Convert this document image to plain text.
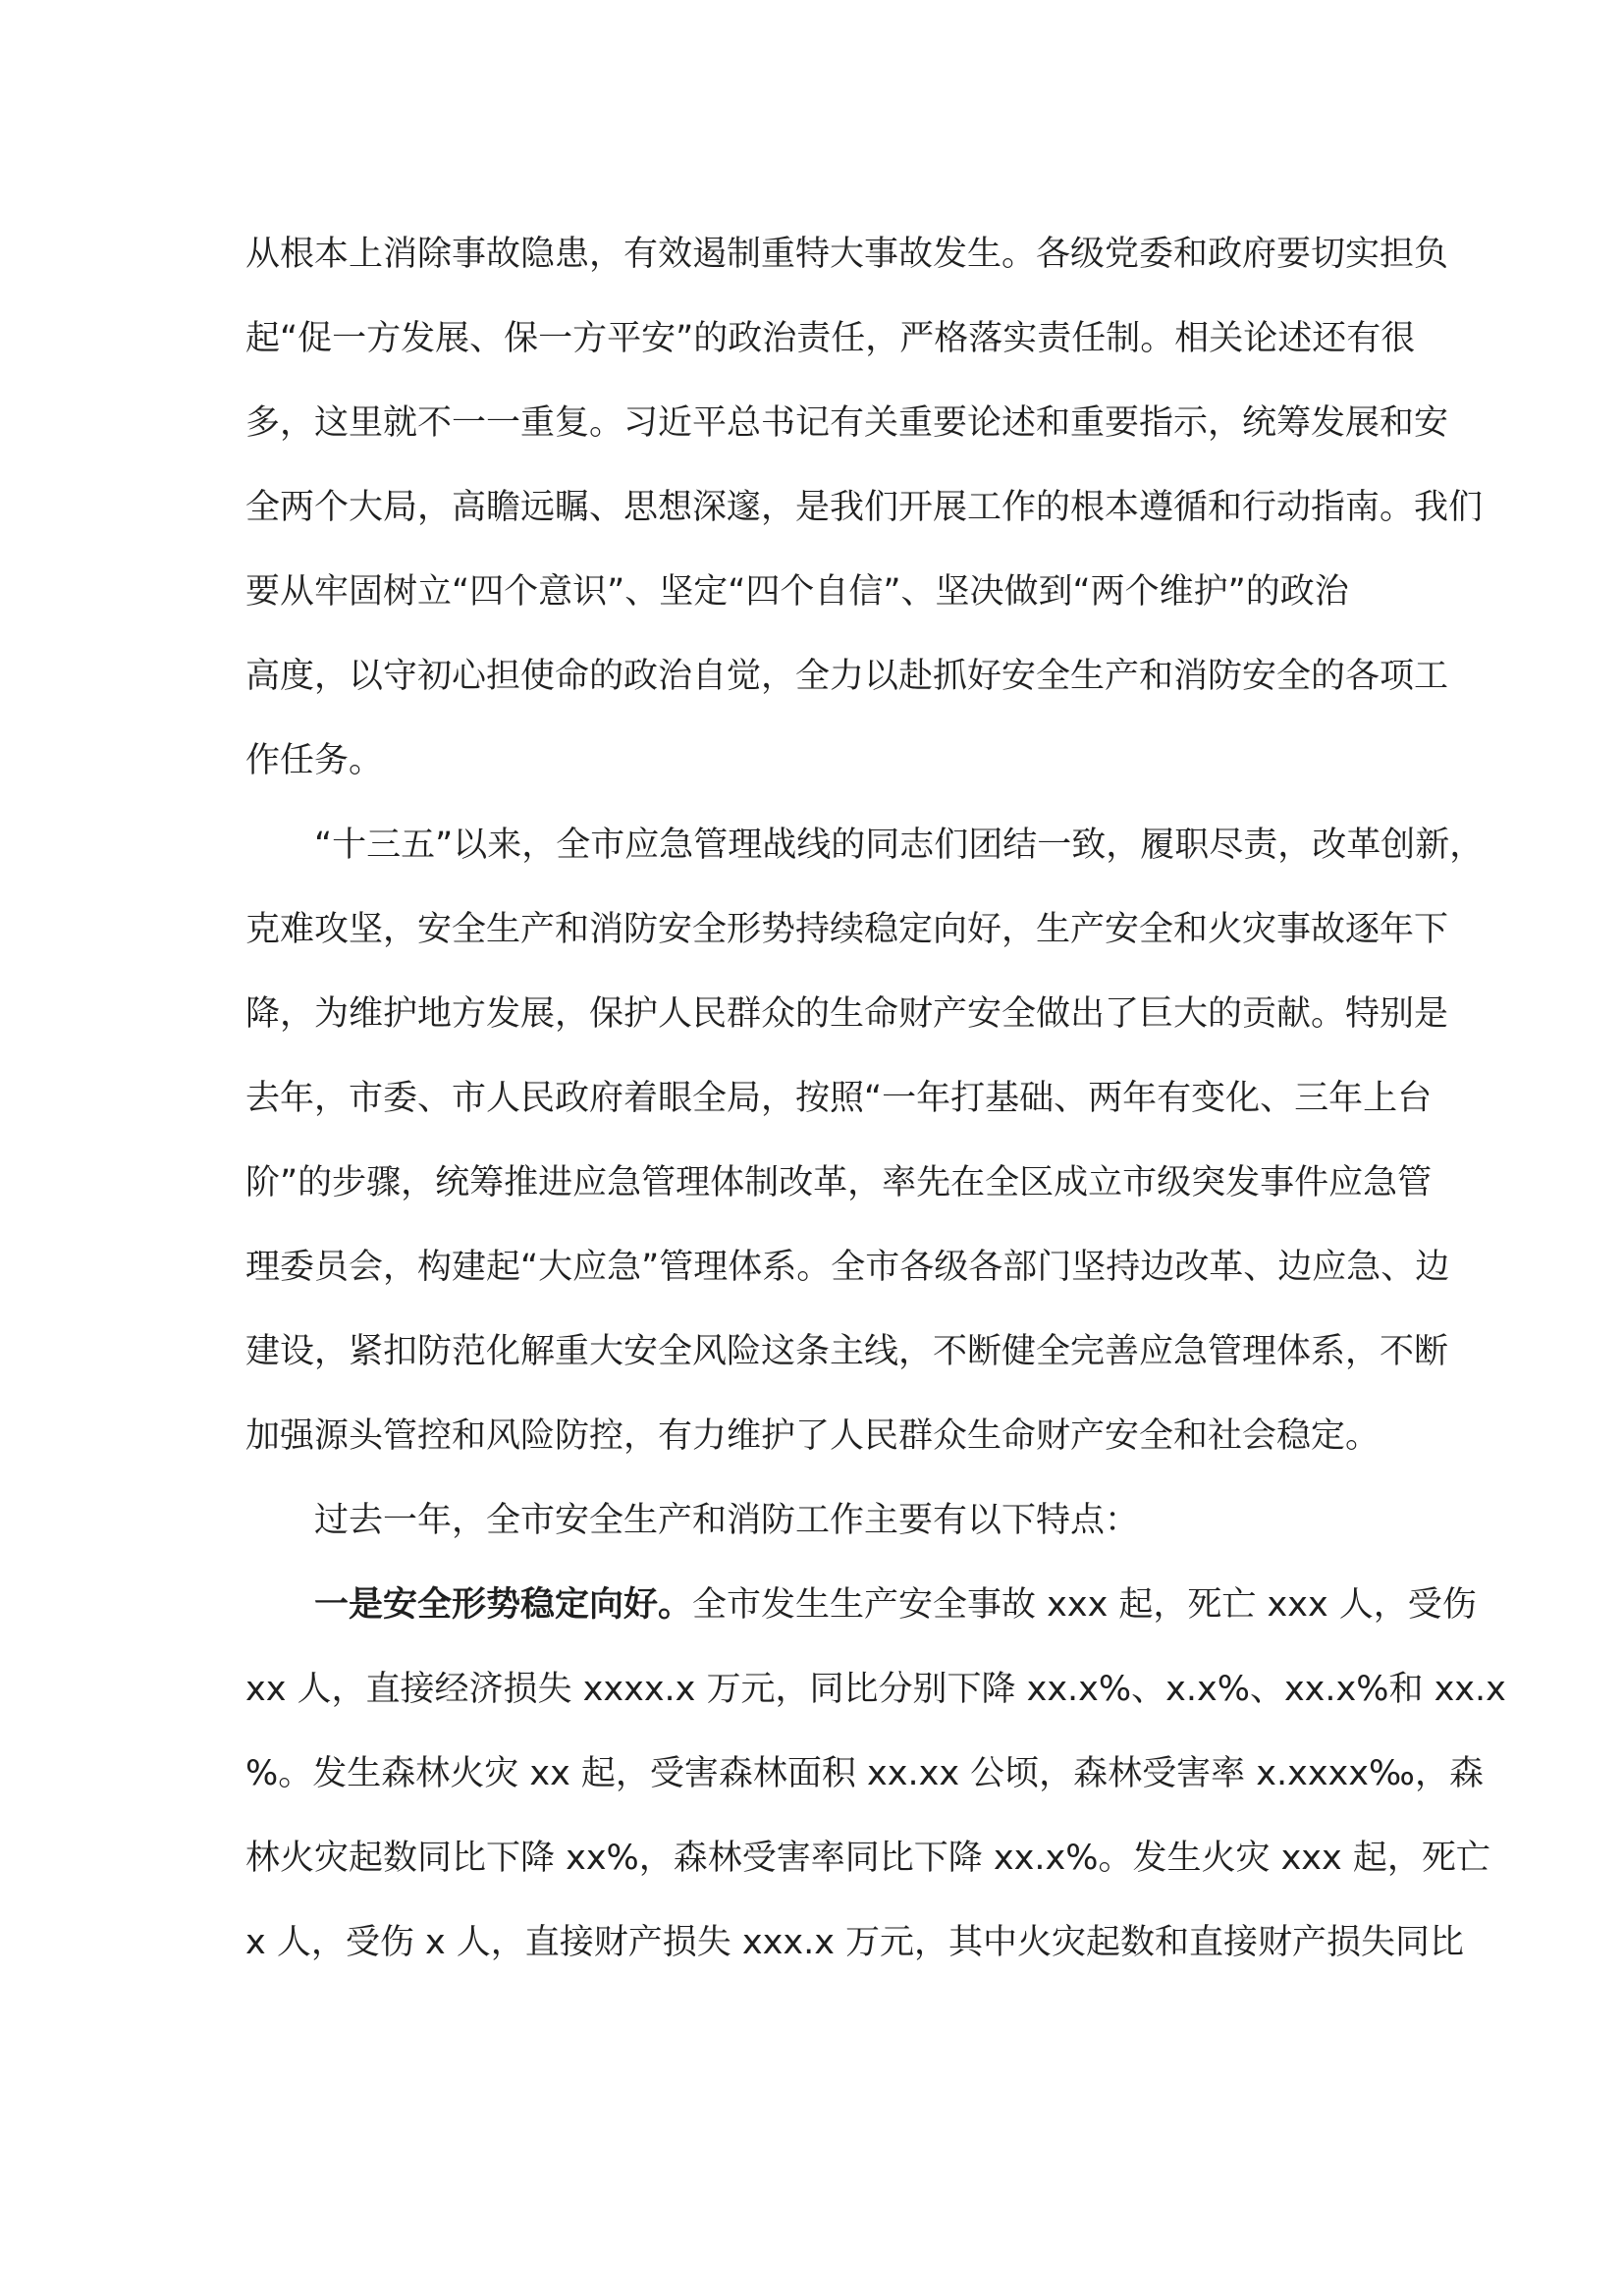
从根本上消除事故隐患，有效遏制重特大事故发生。各级党委和政府要切实担负
起“促一方发展、保一方平安”的政治责任，严格落实责任制。相关论述还有很
多，这里就不一一重复。习近平总书记有关重要论述和重要指示，统筹发展和安
全两个大局，高瞻远瞩、思想深邃，是我们开展工作的根本遵循和行动指南。我们
要从牢固树立“四个意识”、坚定“四个自信”、坚决做到“两个维护”的政治
高度，以守初心担使命的政治自觉，全力以赴抓好安全生产和消防安全的各项工
作任务。
“十三五”以来，全市应急管理战线的同志们团结一致，履职尽责，改革创新，
克难攻坚，安全生产和消防安全形势持续稳定向好，生产安全和火灾事故逐年下
降，为维护地方发展，保护人民群众的生命财产安全做出了巨大的贡献。特别是
去年，市委、市人民政府着眼全局，按照“一年打基础、两年有变化、三年上台
阶”的步骤，统筹推进应急管理体制改革，率先在全区成立市级突发事件应急管
理委员会，构建起“大应急”管理体系。全市各级各部门坚持边改革、边应急、边
建设，紧扣防范化解重大安全风险这条主线，不断健全完善应急管理体系，不断
加强源头管控和风险防控，有力维护了人民群众生命财产安全和社会稳定。
过去一年，全市安全生产和消防工作主要有以下特点：
一是安全形势稳定向好。全市发生生产安全事故 xxx 起，死亡 xxx 人，受伤
xx 人，直接经济损失 xxxx.x 万元，同比分别下降 xx.x%、x.x%、xx.x%和 xx.x
%。发生森林火灾 xx 起，受害森林面积 xx.xx 公顷，森林受害率 x.xxxx‰，森
林火灾起数同比下降 xx%，森林受害率同比下降 xx.x%。发生火灾 xxx 起，死亡
x 人，受伤 x 人，直接财产损失 xxx.x 万元，其中火灾起数和直接财产损失同比
